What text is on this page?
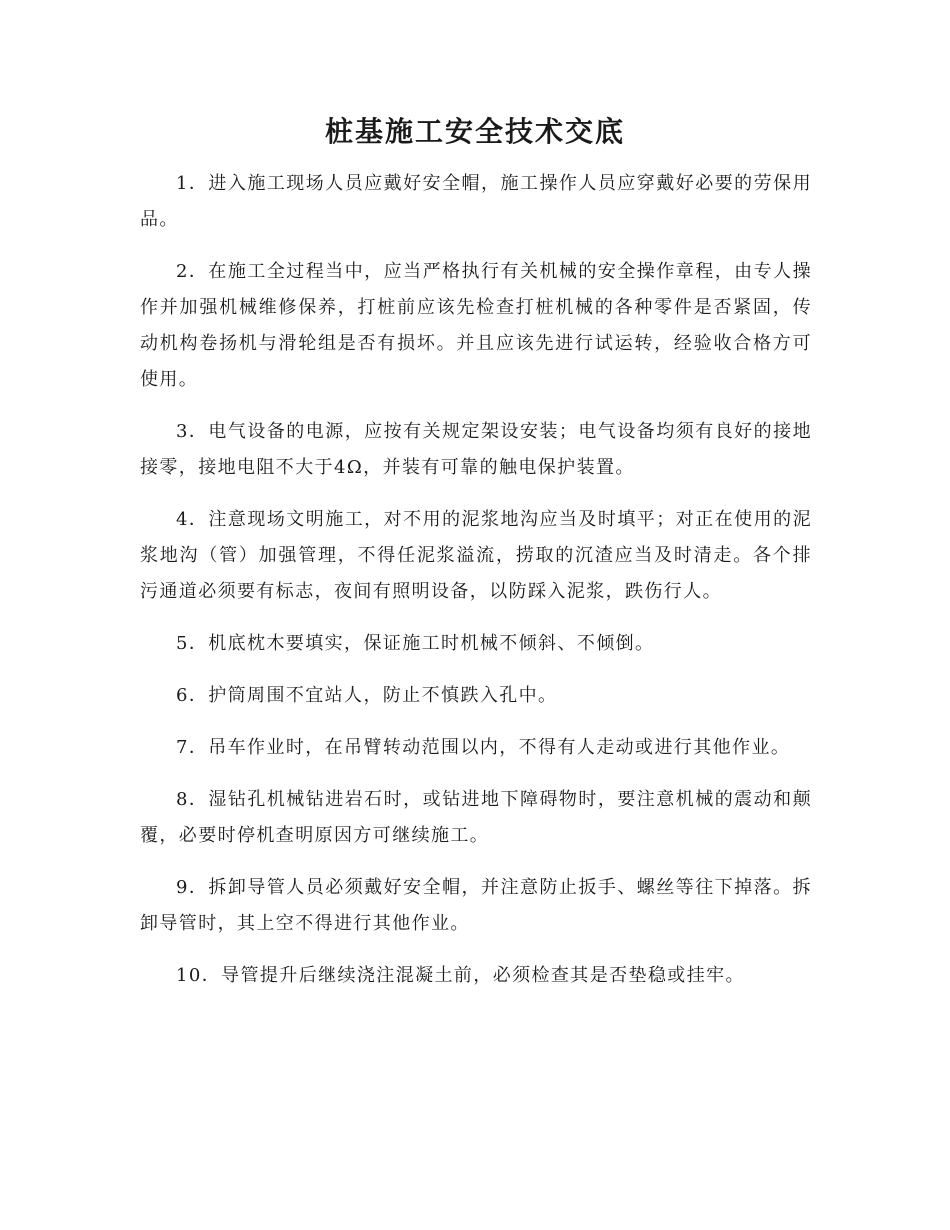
桩基施工安全技术交底

1．进入施工现场人员应戴好安全帽，施工操作人员应穿戴好必要的劳保用品。

2．在施工全过程当中，应当严格执行有关机械的安全操作章程，由专人操作并加强机械维修保养，打桩前应该先检查打桩机械的各种零件是否紧固，传动机构卷扬机与滑轮组是否有损坏。并且应该先进行试运转，经验收合格方可使用。

3．电气设备的电源，应按有关规定架设安装；电气设备均须有良好的接地接零，接地电阻不大于4Ω，并装有可靠的触电保护装置。

4．注意现场文明施工，对不用的泥浆地沟应当及时填平；对正在使用的泥浆地沟（管）加强管理，不得任泥浆溢流，捞取的沉渣应当及时清走。各个排污通道必须要有标志，夜间有照明设备，以防踩入泥浆，跌伤行人。

5．机底枕木要填实，保证施工时机械不倾斜、不倾倒。

6．护筒周围不宜站人，防止不慎跌入孔中。

7．吊车作业时，在吊臂转动范围以内，不得有人走动或进行其他作业。

8．湿钻孔机械钻进岩石时，或钻进地下障碍物时，要注意机械的震动和颠覆，必要时停机查明原因方可继续施工。

9．拆卸导管人员必须戴好安全帽，并注意防止扳手、螺丝等往下掉落。拆卸导管时，其上空不得进行其他作业。

10．导管提升后继续浇注混凝土前，必须检查其是否垫稳或挂牢。
